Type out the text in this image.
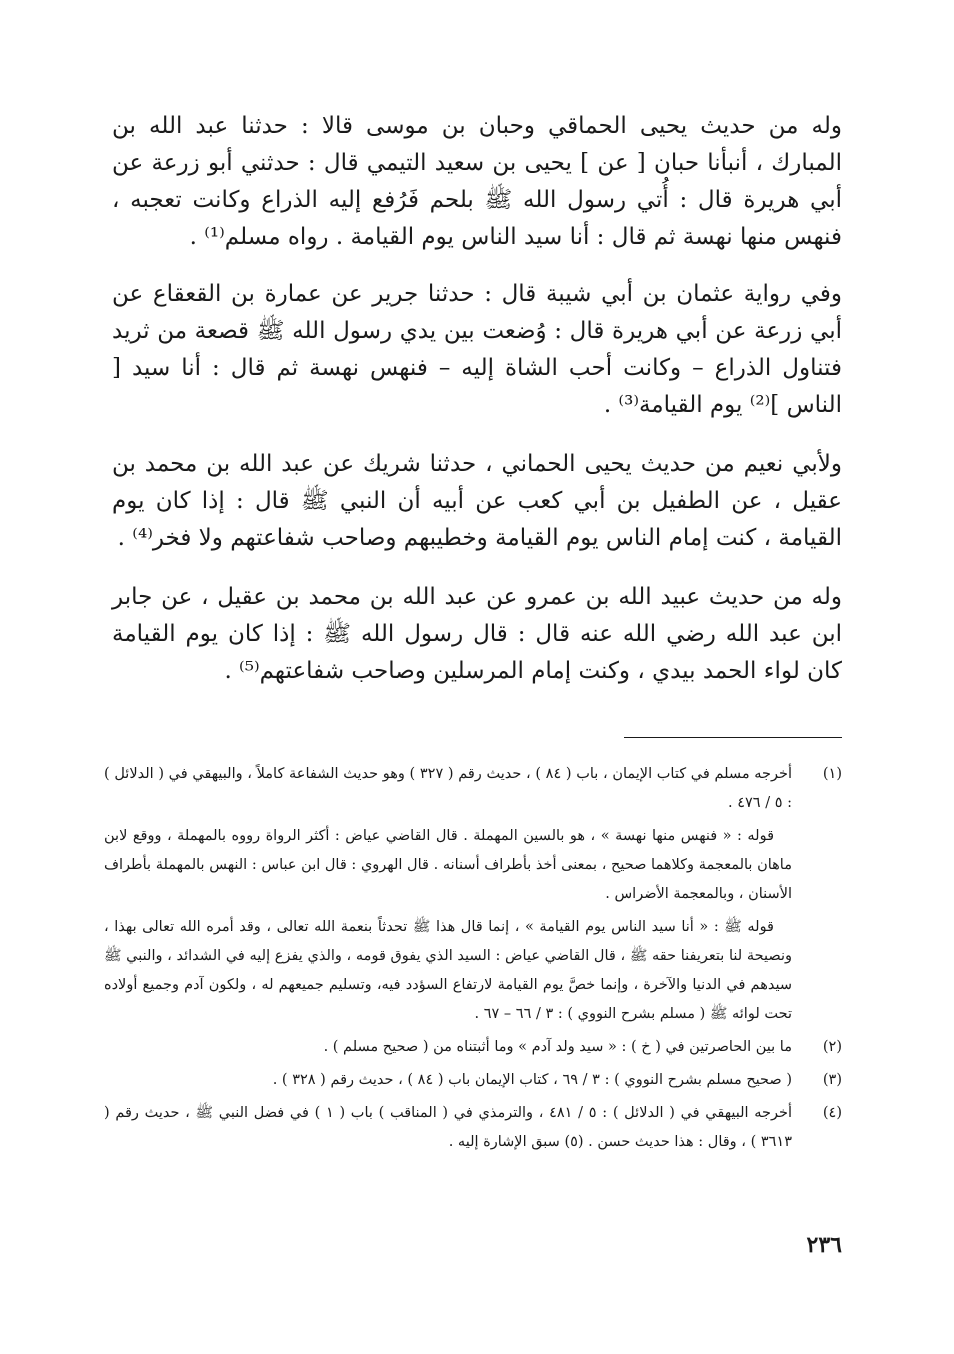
وله من حديث يحيى الحماقي وحبان بن موسى قالا : حدثنا عبد الله بن المبارك ، أنبأنا حبان [ عن ] يحيى بن سعيد التيمي قال : حدثني أبو زرعة عن أبي هريرة قال : أُتي رسول الله ﷺ بلحم فَرُفع إليه الذراع وكانت تعجبه ، فنهس منها نهسة ثم قال : أنا سيد الناس يوم القيامة . رواه مسلم⁽¹⁾ .

وفي رواية عثمان بن أبي شيبة قال : حدثنا جرير عن عمارة بن القعقاع عن أبي زرعة عن أبي هريرة قال : وُضعت بين يدي رسول الله ﷺ قصعة من ثريد فتناول الذراع – وكانت أحب الشاة إليه – فنهس نهسة ثم قال : أنا سيد [ الناس ]⁽²⁾ يوم القيامة⁽³⁾ .

ولأبي نعيم من حديث يحيى الحماني ، حدثنا شريك عن عبد الله بن محمد بن عقيل ، عن الطفيل بن أبي كعب عن أبيه أن النبي ﷺ قال : إذا كان يوم القيامة ، كنت إمام الناس يوم القيامة وخطيبهم وصاحب شفاعتهم ولا فخر⁽⁴⁾ .

وله من حديث عبيد الله بن عمرو عن عبد الله بن محمد بن عقيل ، عن جابر ابن عبد الله رضي الله عنه قال : قال رسول الله ﷺ : إذا كان يوم القيامة كان لواء الحمد بيدي ، وكنت إمام المرسلين وصاحب شفاعتهم⁽⁵⁾ .

(١)

أخرجه مسلم في كتاب الإيمان ، باب ( ٨٤ ) ، حديث رقم ( ٣٢٧ ) وهو حديث الشفاعة كاملاً ، والبيهقي في ( الدلائل ) : ٥ / ٤٧٦ .

قوله : « فنهس منها نهسة » ، هو بالسين المهملة . قال القاضي عياض : أكثر الرواة رووه بالمهملة ، ووقع لابن ماهان بالمعجمة وكلاهما صحيح ، بمعنى أخذ بأطراف أسنانه . قال الهروي : قال ابن عباس : النهس بالمهملة بأطراف الأسنان ، وبالمعجمة الأضراس .

قوله ﷺ : « أنا سيد الناس يوم القيامة » ، إنما قال هذا ﷺ تحدثاً بنعمة الله تعالى ، وقد أمره الله تعالى بهذا ، ونصيحة لنا بتعريفنا حقه ﷺ ، قال القاضي عياض : السيد الذي يفوق قومه ، والذي يفزع إليه في الشدائد ، والنبي ﷺ سيدهم في الدنيا والآخرة ، وإنما خصَّ يوم القيامة لارتفاع السؤدد فيه، وتسليم جميعهم له ، ولكون آدم وجميع أولاده تحت لوائه ﷺ ( مسلم بشرح النووي ) : ٣ / ٦٦ – ٦٧ .

(٢)

ما بين الحاصرتين في ( خ ) : « سيد ولد آدم » وما أثبتناه من ( صحيح مسلم ) .

(٣)

( صحيح مسلم بشرح النووي ) : ٣ / ٦٩ ، كتاب الإيمان باب ( ٨٤ ) ، حديث رقم ( ٣٢٨ ) .

(٤)

أخرجه البيهقي في ( الدلائل ) : ٥ / ٤٨١ ، والترمذي في ( المناقب ) باب ( ١ ) في فضل النبي ﷺ ، حديث رقم ( ٣٦١٣ ) ، وقال : هذا حديث حسن . (٥) سبق الإشارة إليه .

٢٣٦
